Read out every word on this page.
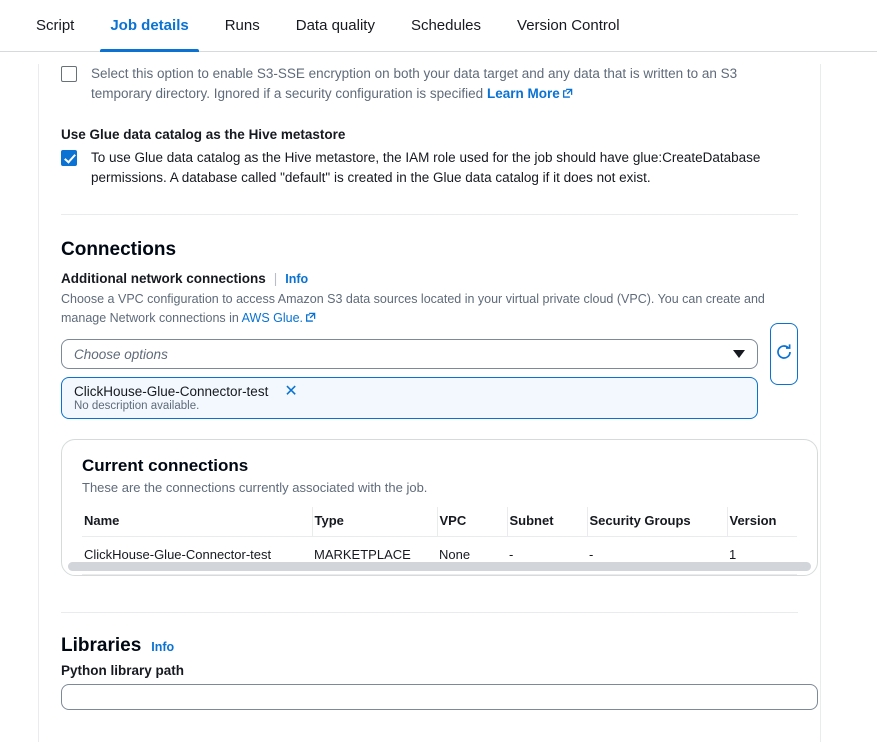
Script Job details Runs Data quality Schedules Version Control
Select this option to enable S3-SSE encryption on both your data target and any data that is written to an S3 temporary directory. Ignored if a security configuration is specified Learn More
Use Glue data catalog as the Hive metastore
To use Glue data catalog as the Hive metastore, the IAM role used for the job should have glue:CreateDatabase permissions. A database called "default" is created in the Glue data catalog if it does not exist.
Connections
Additional network connections | Info
Choose a VPC configuration to access Amazon S3 data sources located in your virtual private cloud (VPC). You can create and manage Network connections in AWS Glue.
Choose options
ClickHouse-Glue-Connector-test
No description available.
✕
Current connections
These are the connections currently associated with the job.
Name	Type	VPC	Subnet	Security Groups	Version
ClickHouse-Glue-Connector-test	MARKETPLACE	None	-	-	1
Libraries Info
Python library path
